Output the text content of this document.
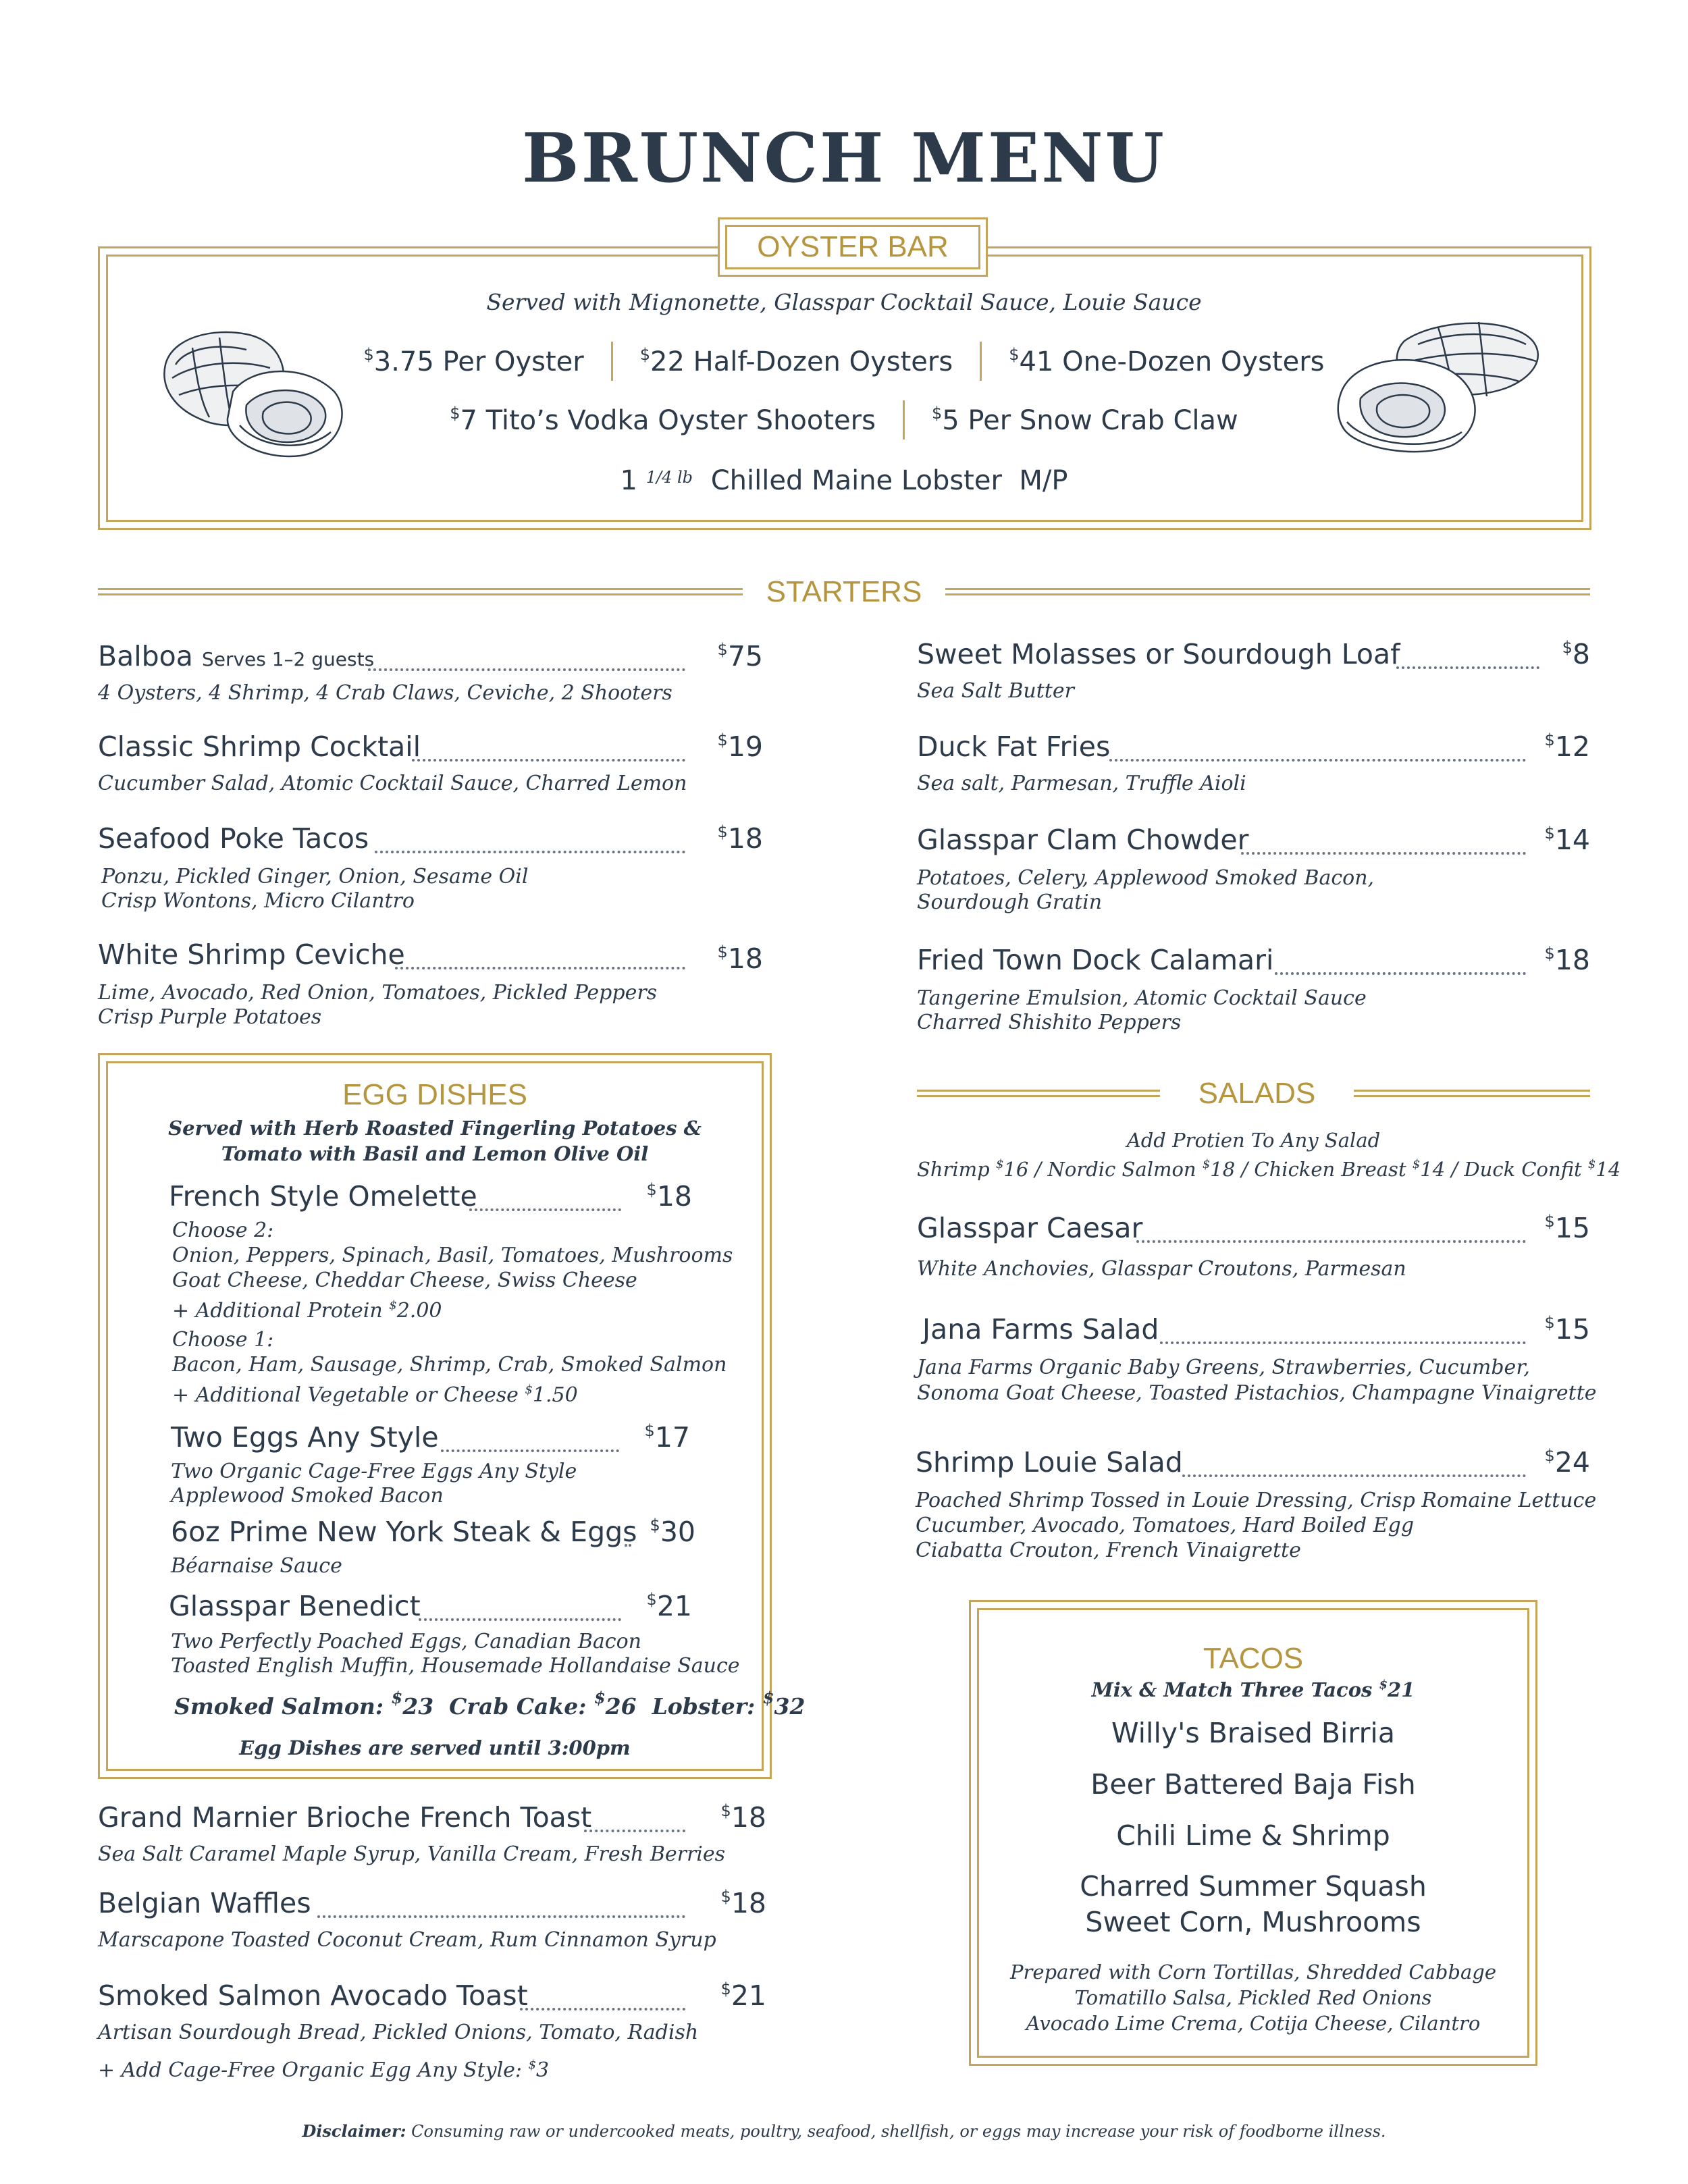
BRUNCH MENU
OYSTER BAR
Served with Mignonette, Glasspar Cocktail Sauce, Louie Sauce
$3.75 Per Oyster	$22 Half-Dozen Oysters	$41 One-Dozen Oysters
$7 Tito’s Vodka Oyster Shooters	$5 Per Snow Crab Claw
1 $^{1/4 lb}$ Chilled Maine Lobster M/P
STARTERS
Balboa Serves 1–2 guests	$75
4 Oysters, 4 Shrimp, 4 Crab Claws, Ceviche, 2 Shooters
Classic Shrimp Cocktail	$19
Cucumber Salad, Atomic Cocktail Sauce, Charred Lemon
Seafood Poke Tacos	$18
Ponzu, Pickled Ginger, Onion, Sesame Oil
Crisp Wontons, Micro Cilantro
White Shrimp Ceviche	$18
Lime, Avocado, Red Onion, Tomatoes, Pickled Peppers
Crisp Purple Potatoes
Sweet Molasses or Sourdough Loaf	$8
Sea Salt Butter
Duck Fat Fries	$12
Sea salt, Parmesan, Truffle Aioli
Glasspar Clam Chowder	$14
Potatoes, Celery, Applewood Smoked Bacon,
Sourdough Gratin
Fried Town Dock Calamari	$18
Tangerine Emulsion, Atomic Cocktail Sauce
Charred Shishito Peppers
EGG DISHES
Served with Herb Roasted Fingerling Potatoes &
Tomato with Basil and Lemon Olive Oil
French Style Omelette	$18
Choose 2:
Onion, Peppers, Spinach, Basil, Tomatoes, Mushrooms
Goat Cheese, Cheddar Cheese, Swiss Cheese
+ Additional Protein $2.00
Choose 1:
Bacon, Ham, Sausage, Shrimp, Crab, Smoked Salmon
+ Additional Vegetable or Cheese $1.50
Two Eggs Any Style	$17
Two Organic Cage-Free Eggs Any Style
Applewood Smoked Bacon
6oz Prime New York Steak & Eggs $30
Béarnaise Sauce
Glasspar Benedict	$21
Two Perfectly Poached Eggs, Canadian Bacon
Toasted English Muffin, Housemade Hollandaise Sauce
Smoked Salmon: $23 Crab Cake: $26 Lobster: $32
Egg Dishes are served until 3:00pm
Grand Marnier Brioche French Toast	$18
Sea Salt Caramel Maple Syrup, Vanilla Cream, Fresh Berries
Belgian Waffles	$18
Marscapone Toasted Coconut Cream, Rum Cinnamon Syrup
Smoked Salmon Avocado Toast	$21
Artisan Sourdough Bread, Pickled Onions, Tomato, Radish
+ Add Cage-Free Organic Egg Any Style: $3
SALADS
Add Protien To Any Salad
Shrimp $16 / Nordic Salmon $18 / Chicken Breast $14 / Duck Confit $14
Glasspar Caesar	$15
White Anchovies, Glasspar Croutons, Parmesan
Jana Farms Salad	$15
Jana Farms Organic Baby Greens, Strawberries, Cucumber,
Sonoma Goat Cheese, Toasted Pistachios, Champagne Vinaigrette
Shrimp Louie Salad	$24
Poached Shrimp Tossed in Louie Dressing, Crisp Romaine Lettuce
Cucumber, Avocado, Tomatoes, Hard Boiled Egg
Ciabatta Crouton, French Vinaigrette
TACOS
Mix & Match Three Tacos $21
Willy's Braised Birria
Beer Battered Baja Fish
Chili Lime & Shrimp
Charred Summer Squash
Sweet Corn, Mushrooms
Prepared with Corn Tortillas, Shredded Cabbage
Tomatillo Salsa, Pickled Red Onions
Avocado Lime Crema, Cotija Cheese, Cilantro
Disclaimer: Consuming raw or undercooked meats, poultry, seafood, shellfish, or eggs may increase your risk of foodborne illness.
